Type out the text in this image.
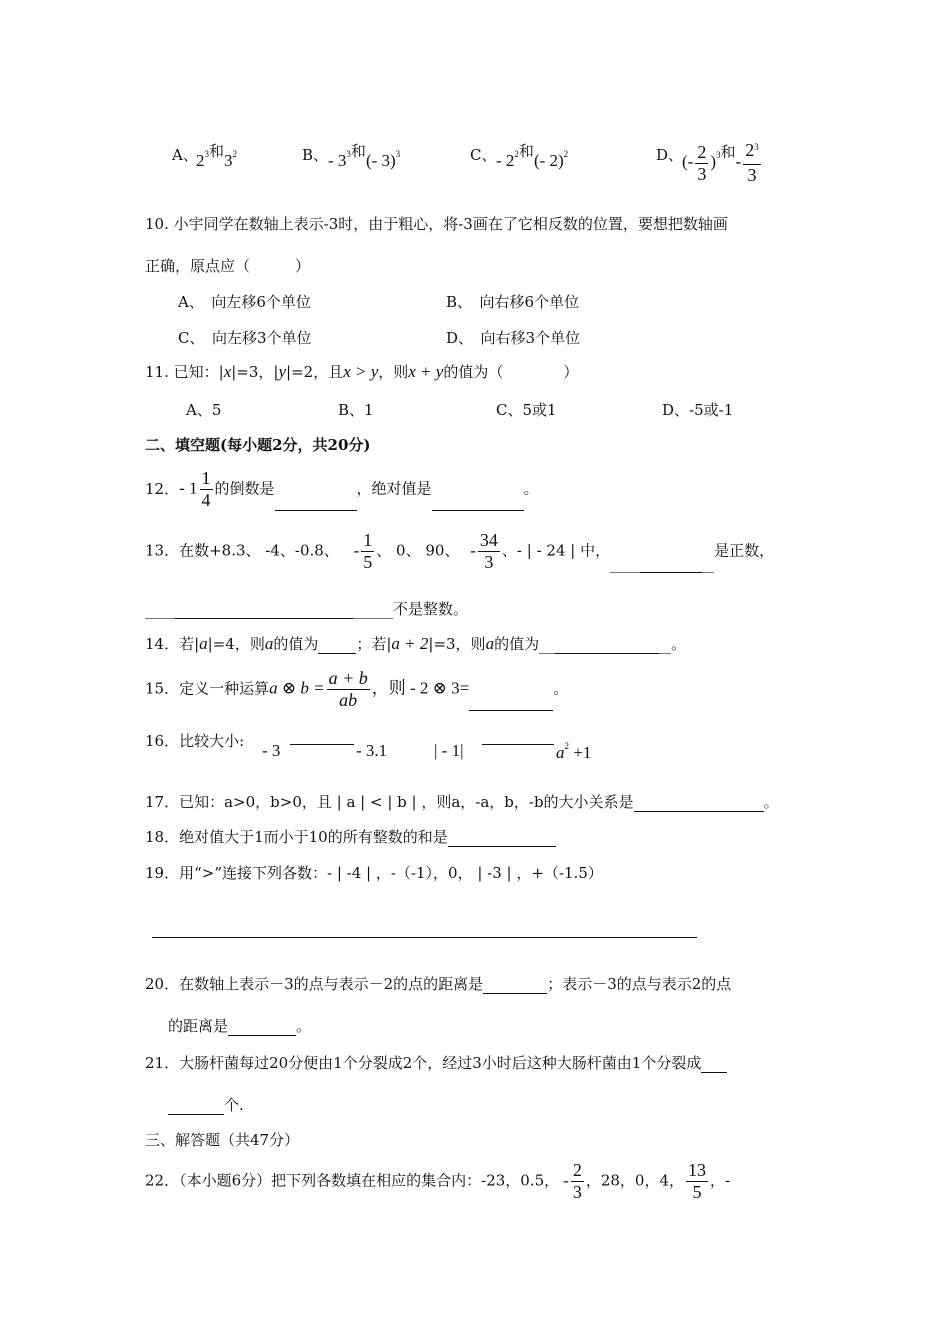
A、
$2^3$和$3^2$	B、 - $3^3$和(- 3)$^3$	C、 - $2^2$和(- 2)$^2$	D、
(- $\frac{2}{3} )^3$和- $\frac{2^3}{3}$
10. 小宇同学在数轴上表示-3时，由于粗心，将-3画在了它相反数的位置，要想把数轴画
正确，原点应（　　　）
A、　向左移6个单位	B、　向右移6个单位
C、　向左移3个单位	D、　向右移3个单位
11. 已知：|x|=3，|y|=2，且x > y，则x + y的值为（　　　　）
A、5	B、1	C、5或1	D、-5或-1
二、填空题(每小题2分，共20分)
12．- $1 \frac{1}{4}$ 的倒数是	，绝对值是	。
13．在数+8.3、 -4、-0.8、 - $\frac{1}{5}$ 、 0、 90、 - $\frac{34}{3}$ 、- | - 24 | 中，	是正数，
不是整数。
14．若|a|=4，则a的值为	；若|a + 2|=3，则a的值为	。
15．定义一种运算a ⊗ $b = \frac{a + b}{ab}$ ，则 - 2 ⊗ 3=	。
16．比较大小: - 3	- 3.1	| - 1|	$a^2 +1$
17．已知：a>0，b>0，且 | a | < | b | ，则a，-a，b，-b的大小关系是	。
18．绝对值大于1而小于10的所有整数的和是
19．用“>”连接下列各数：- | -4 | ，-（-1），0， | -3 | ，+（-1.5）
20．在数轴上表示－3的点与表示－2的点的距离是	；表示－3的点与表示2的点
的距离是	。
21．大肠杆菌每过20分便由1个分裂成2个，经过3小时后这种大肠杆菌由1个分裂成
个.
三、解答题（共47分）
22．（本小题6分）把下列各数填在相应的集合内：-23，0.5， - $\frac{2}{3}$ ，28，0，4， $\frac{13}{5}$ ，-
